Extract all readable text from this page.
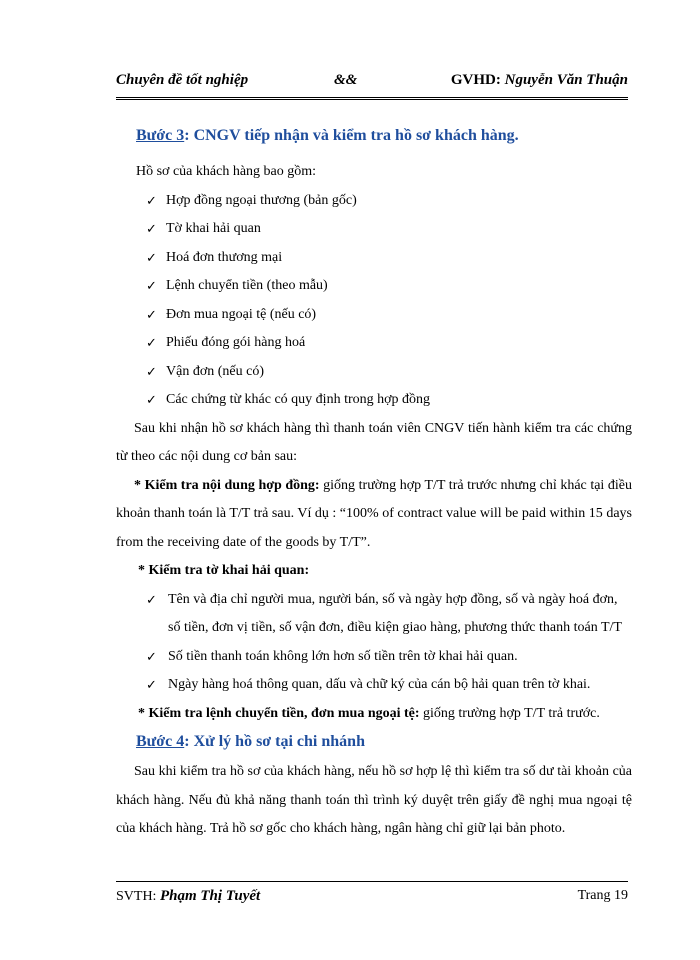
Chuyên đề tốt nghiệp	&&	GVHD: Nguyễn Văn Thuận
Bước 3: CNGV tiếp nhận và kiểm tra hồ sơ khách hàng.
Hồ sơ của khách hàng bao gồm:
✓ Hợp đồng ngoại thương (bản gốc)
✓ Tờ khai hải quan
✓ Hoá đơn thương mại
✓ Lệnh chuyển tiền (theo mẫu)
✓ Đơn mua ngoại tệ (nếu có)
✓ Phiếu đóng gói hàng hoá
✓ Vận đơn (nếu có)
✓ Các chứng từ khác có quy định trong hợp đồng
Sau khi nhận hồ sơ khách hàng thì thanh toán viên CNGV tiến hành kiểm tra các chứng từ theo các nội dung cơ bản sau:
* Kiểm tra nội dung hợp đồng: giống trường hợp T/T trả trước nhưng chỉ khác tại điều khoản thanh toán là T/T trả sau. Ví dụ : “100% of contract value will be paid within 15 days from the receiving date of the goods by T/T”.
* Kiểm tra tờ khai hải quan:
✓ Tên và địa chỉ người mua, người bán, số và ngày hợp đồng, số và ngày hoá đơn,
số tiền, đơn vị tiền, số vận đơn, điều kiện giao hàng, phương thức thanh toán T/T
✓ Số tiền thanh toán không lớn hơn số tiền trên tờ khai hải quan.
✓ Ngày hàng hoá thông quan, dấu và chữ ký của cán bộ hải quan trên tờ khai.
* Kiểm tra lệnh chuyển tiền, đơn mua ngoại tệ: giống trường hợp T/T trả trước.
Bước 4: Xử lý hồ sơ tại chi nhánh
Sau khi kiểm tra hồ sơ của khách hàng, nếu hồ sơ hợp lệ thì kiểm tra số dư tài khoản của khách hàng. Nếu đủ khả năng thanh toán thì trình ký duyệt trên giấy đề nghị mua ngoại tệ của khách hàng. Trả hồ sơ gốc cho khách hàng, ngân hàng chỉ giữ lại bản photo.
SVTH: Phạm Thị Tuyết	Trang 19
